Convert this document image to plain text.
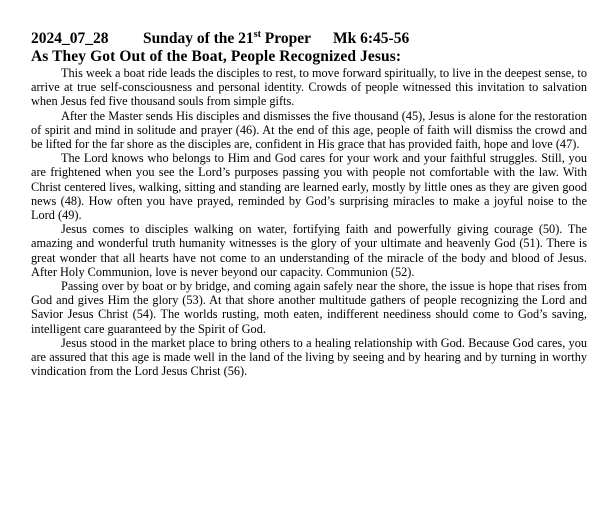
2024_07_28 Sunday of the 21st Proper Mk 6:45-56
As They Got Out of the Boat, People Recognized Jesus:

This week a boat ride leads the disciples to rest, to move forward spiritually, to live in the deepest sense, to arrive at true self-consciousness and personal identity. Crowds of people witnessed this invitation to salvation when Jesus fed five thousand souls from simple gifts.

After the Master sends His disciples and dismisses the five thousand (45), Jesus is alone for the restoration of spirit and mind in solitude and prayer (46). At the end of this age, people of faith will dismiss the crowd and be lifted for the far shore as the disciples are, confident in His grace that has provided faith, hope and love (47).

The Lord knows who belongs to Him and God cares for your work and your faithful struggles. Still, you are frightened when you see the Lord’s purposes passing you with people not comfortable with the law. With Christ centered lives, walking, sitting and standing are learned early, mostly by little ones as they are given good news (48). How often you have prayed, reminded by God’s surprising miracles to make a joyful noise to the Lord (49).

Jesus comes to disciples walking on water, fortifying faith and powerfully giving courage (50). The amazing and wonderful truth humanity witnesses is the glory of your ultimate and heavenly God (51). There is great wonder that all hearts have not come to an understanding of the miracle of the body and blood of Jesus. After Holy Communion, love is never beyond our capacity. Communion (52).

Passing over by boat or by bridge, and coming again safely near the shore, the issue is hope that rises from God and gives Him the glory (53). At that shore another multitude gathers of people recognizing the Lord and Savior Jesus Christ (54). The worlds rusting, moth eaten, indifferent neediness should come to God’s saving, intelligent care guaranteed by the Spirit of God.

Jesus stood in the market place to bring others to a healing relationship with God. Because God cares, you are assured that this age is made well in the land of the living by seeing and by hearing and by turning in worthy vindication from the Lord Jesus Christ (56).
